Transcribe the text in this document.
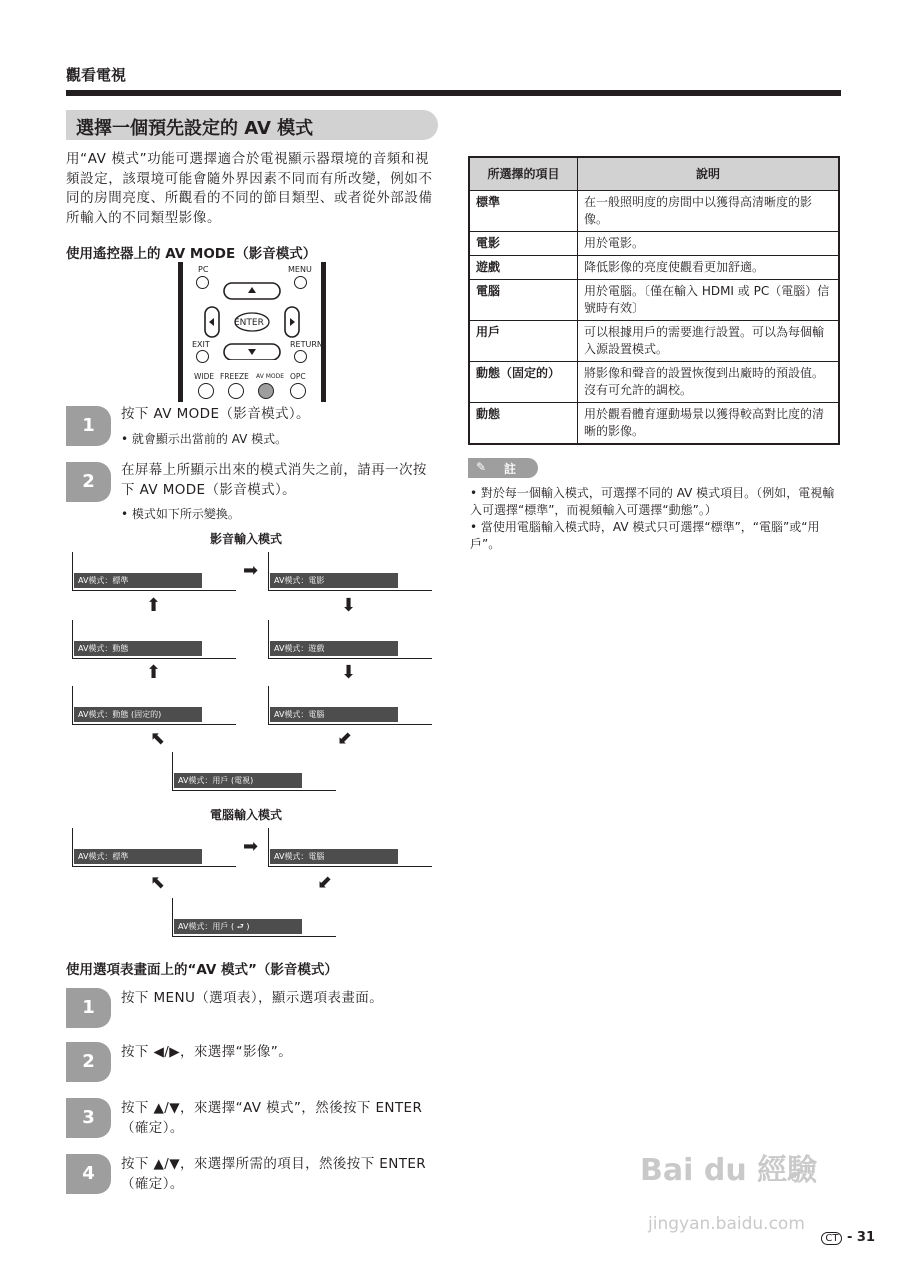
觀看電視
選擇一個預先設定的 AV 模式
用“AV 模式”功能可選擇適合於電視顯示器環境的音頻和視頻設定，該環境可能會隨外界因素不同而有所改變，例如不同的房間亮度、所觀看的不同的節目類型、或者從外部設備所輸入的不同類型影像。
使用遙控器上的 AV MODE（影音模式）
PC	MENU
ENTER
EXIT	RETURN
WIDE FREEZE AV MODE OPC
1
按下 AV MODE（影音模式）。
• 就會顯示出當前的 AV 模式。
2
在屏幕上所顯示出來的模式消失之前，請再一次按下 AV MODE（影音模式）。
• 模式如下所示變換。
影音輸入模式
AV模式：標準	➡	AV模式：電影
⬆	⬇
AV模式：動態	AV模式：遊戲
⬆	⬇
AV模式：動態 (固定的)	AV模式：電腦
⬉	⬋
AV模式：用戶 (電視)
電腦輸入模式
AV模式：標準	➡	AV模式：電腦
⬉	⬋
AV模式：用戶 ( ⮐ )
使用選項表畫面上的“AV 模式”（影音模式）
1	按下 MENU（選項表），顯示選項表畫面。
2	按下 ◀/▶，來選擇“影像”。
3	按下 ▲/▼，來選擇“AV 模式”，然後按下 ENTER（確定）。
4	按下 ▲/▼，來選擇所需的項目，然後按下 ENTER（確定）。
所選擇的項目	說明
標準	在一般照明度的房間中以獲得高清晰度的影像。
電影	用於電影。
遊戲	降低影像的亮度使觀看更加舒適。
電腦	用於電腦。〔僅在輸入 HDMI 或 PC（電腦）信號時有效〕
用戶	可以根據用戶的需要進行設置。可以為每個輸入源設置模式。
動態（固定的）	將影像和聲音的設置恢復到出廠時的預設值。沒有可允許的調校。
動態	用於觀看體育運動場景以獲得較高對比度的清晰的影像。
✎ 註
• 對於每一個輸入模式，可選擇不同的 AV 模式項目。（例如，電視輸入可選擇“標準”，而視頻輸入可選擇“動態”。）
• 當使用電腦輸入模式時，AV 模式只可選擇“標準”，“電腦”或“用戶”。
Bai du 經驗
jingyan.baidu.com
CT - 31
